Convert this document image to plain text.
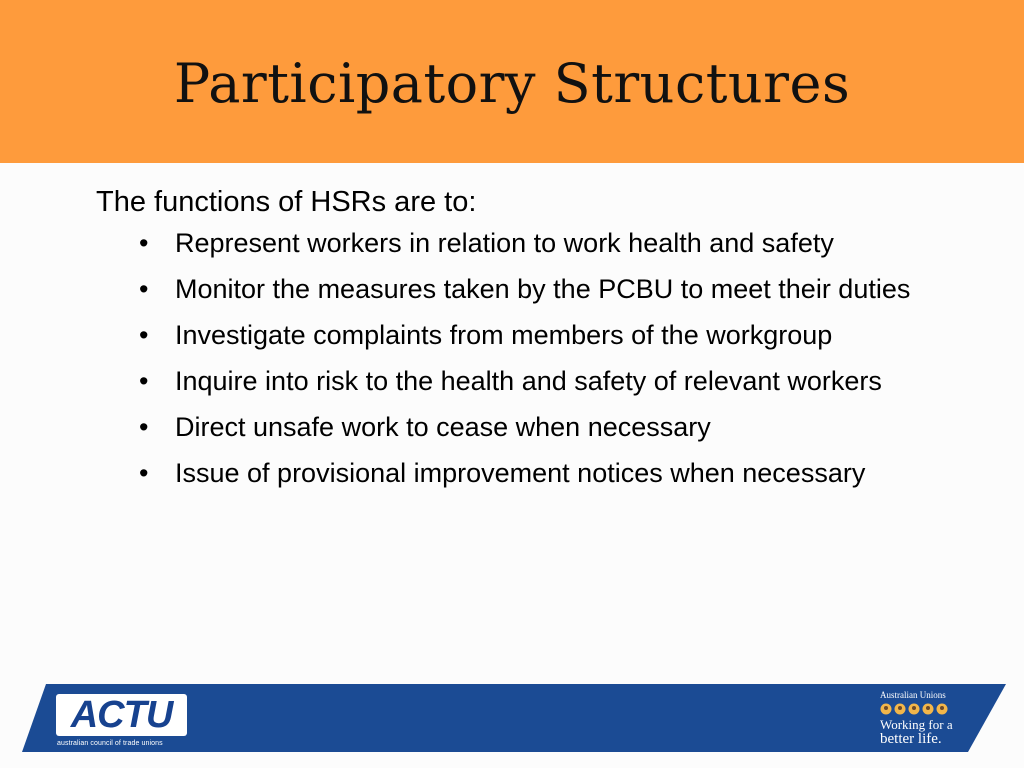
Participatory Structures
The functions of HSRs are to:
• Represent workers in relation to work health and safety
• Monitor the measures taken by the PCBU to meet their duties
• Investigate complaints from members of the workgroup
• Inquire into risk to the health and safety of relevant workers
• Direct unsafe work to cease when necessary
• Issue of provisional improvement notices when necessary
ACTU
australian council of trade unions
Australian Unions
Working for a
better life.
